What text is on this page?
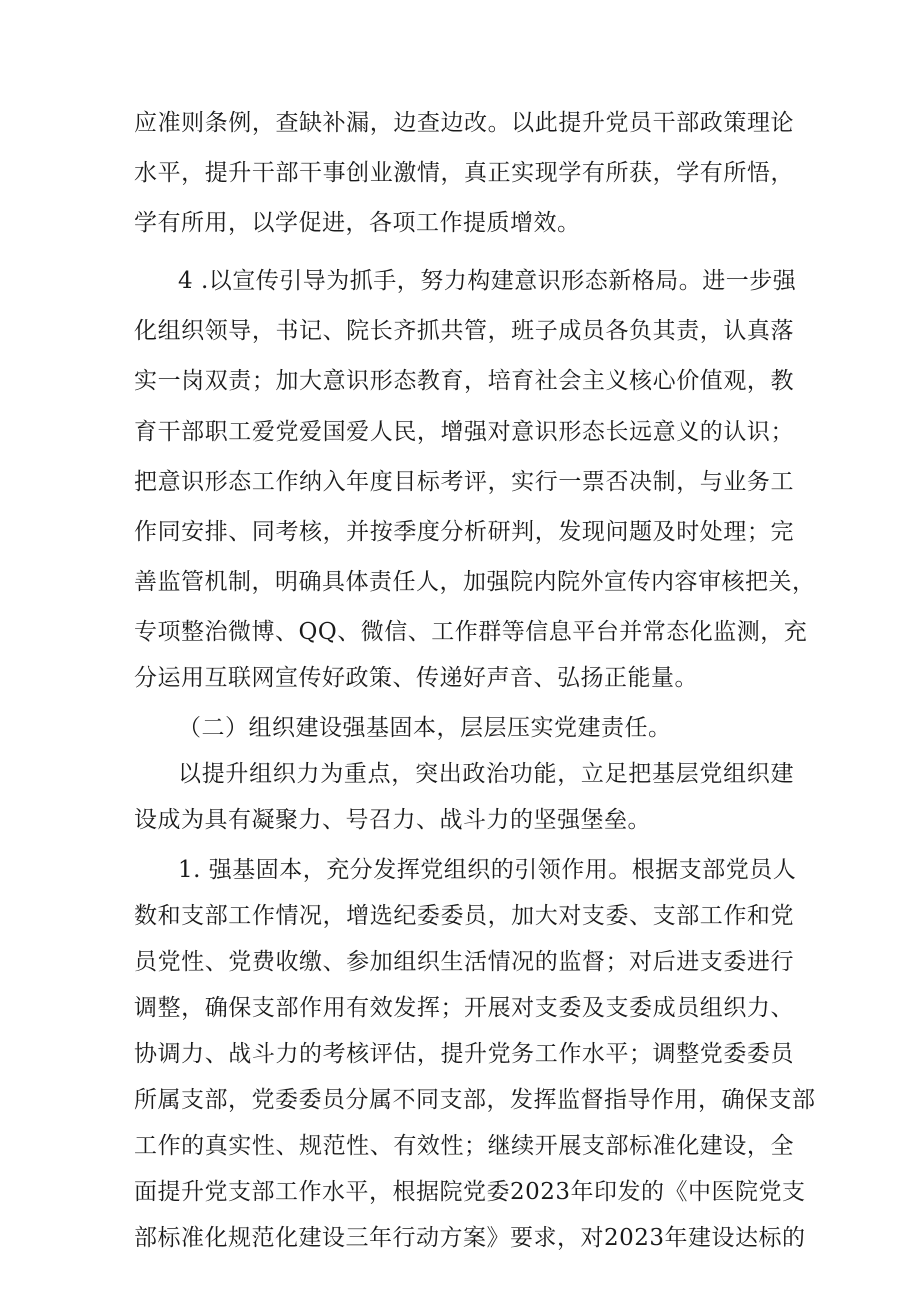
应准则条例，查缺补漏，边查边改。以此提升党员干部政策理论
水平，提升干部干事创业激情，真正实现学有所获，学有所悟，
学有所用，以学促进，各项工作提质增效。
4 .以宣传引导为抓手，努力构建意识形态新格局。进一步强
化组织领导，书记、院长齐抓共管，班子成员各负其责，认真落
实一岗双责；加大意识形态教育，培育社会主义核心价值观，教
育干部职工爱党爱国爱人民，增强对意识形态长远意义的认识；
把意识形态工作纳入年度目标考评，实行一票否决制，与业务工
作同安排、同考核，并按季度分析研判，发现问题及时处理；完
善监管机制，明确具体责任人，加强院内院外宣传内容审核把关，
专项整治微博、QQ、微信、工作群等信息平台并常态化监测，充
分运用互联网宣传好政策、传递好声音、弘扬正能量。
（二）组织建设强基固本，层层压实党建责任。
以提升组织力为重点，突出政治功能，立足把基层党组织建
设成为具有凝聚力、号召力、战斗力的坚强堡垒。
1. 强基固本，充分发挥党组织的引领作用。根据支部党员人
数和支部工作情况，增选纪委委员，加大对支委、支部工作和党
员党性、党费收缴、参加组织生活情况的监督；对后进支委进行
调整，确保支部作用有效发挥；开展对支委及支委成员组织力、
协调力、战斗力的考核评估，提升党务工作水平；调整党委委员
所属支部，党委委员分属不同支部，发挥监督指导作用，确保支部
工作的真实性、规范性、有效性；继续开展支部标准化建设，全
面提升党支部工作水平，根据院党委2023年印发的《中医院党支
部标准化规范化建设三年行动方案》要求，对2023年建设达标的
